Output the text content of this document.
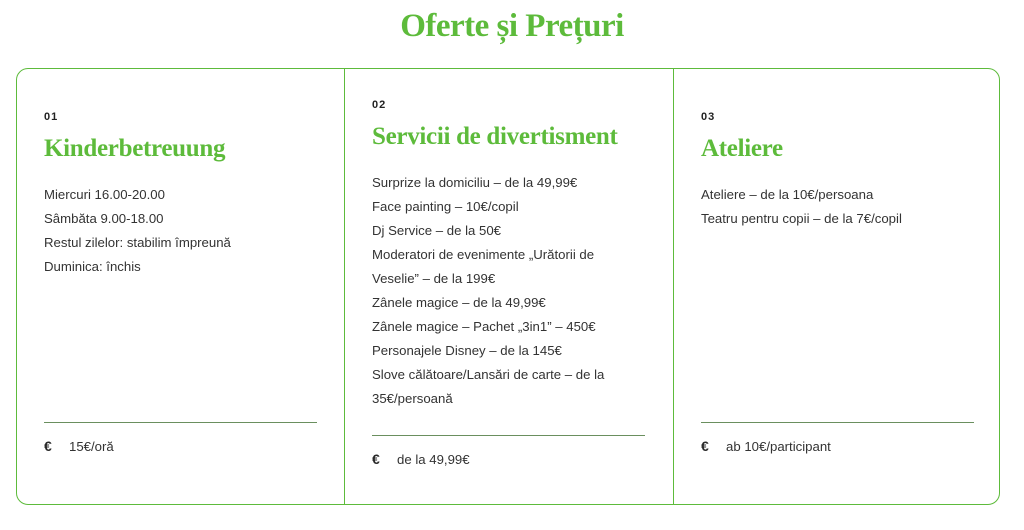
Oferte și Prețuri
01
Kinderbetreuung
Miercuri 16.00-20.00
Sâmbăta 9.00-18.00
Restul zilelor: stabilim împreună
Duminica: închis
€	15€/oră
02
Servicii de divertisment
Surprize la domiciliu – de la 49,99€
Face painting – 10€/copil
Dj Service – de la 50€
Moderatori de evenimente „Urătorii de Veselie” – de la 199€
Zânele magice – de la 49,99€
Zânele magice – Pachet „3in1” – 450€
Personajele Disney – de la 145€
Slove călătoare/Lansări de carte – de la 35€/persoană
€	de la 49,99€
03
Ateliere
Ateliere – de la 10€/persoana
Teatru pentru copii – de la 7€/copil
€	ab 10€/participant
